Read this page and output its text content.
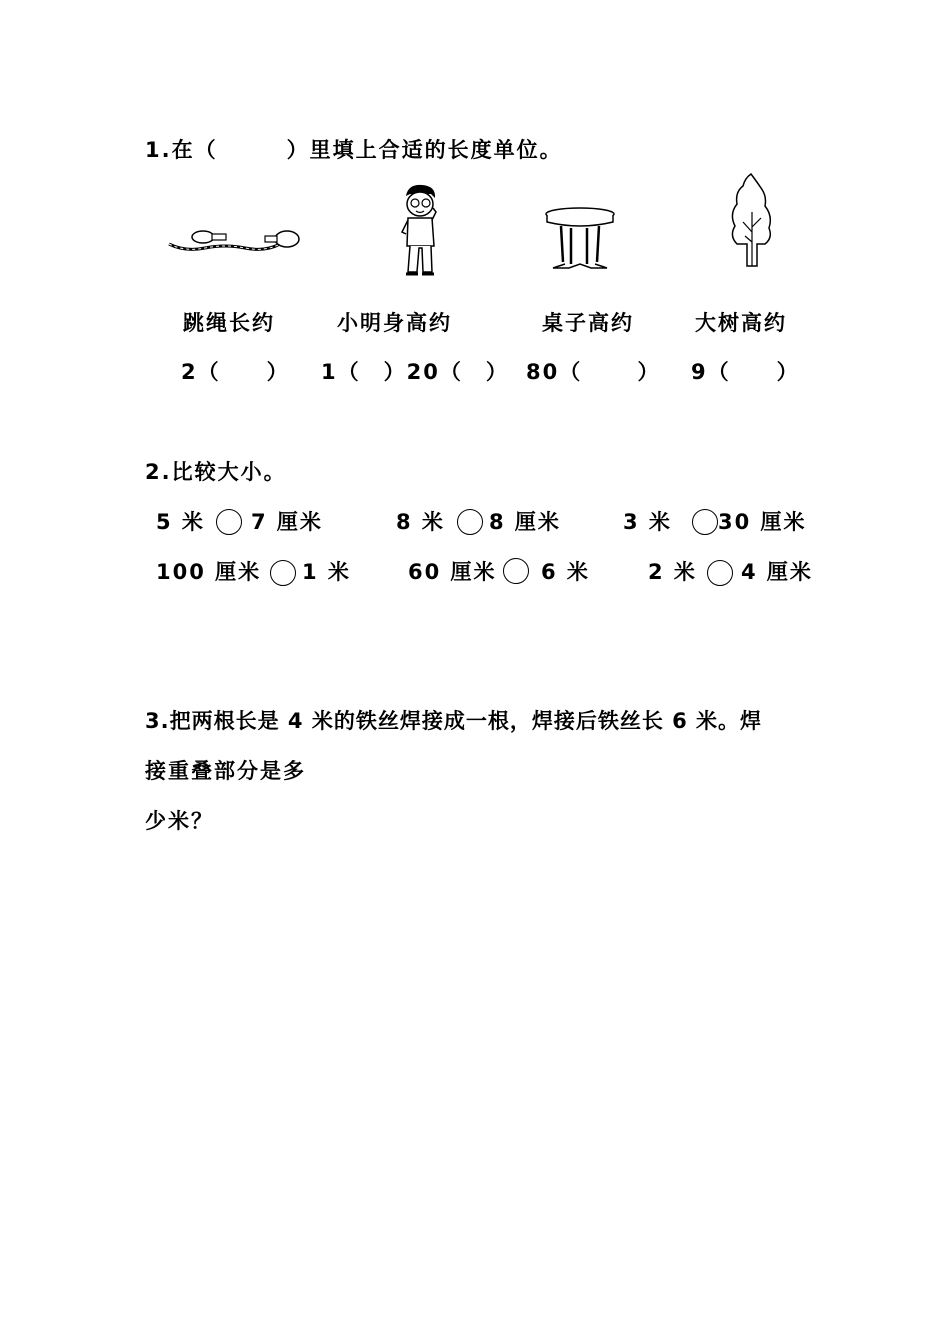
1.在（　　　）里填上合适的长度单位。
跳绳长约	小明身高约	桌子高约	大树高约
2（　　） 1（　）20（　） 80（　　 ） 9（　　）
2.比较大小。
5 米 7 厘米	8 米 8 厘米	3 米 30 厘米
100 厘米 1 米	60 厘米 6 米	2 米 4 厘米
3.把两根长是 4 米的铁丝焊接成一根，焊接后铁丝长 6 米。焊
接重叠部分是多
少米？
